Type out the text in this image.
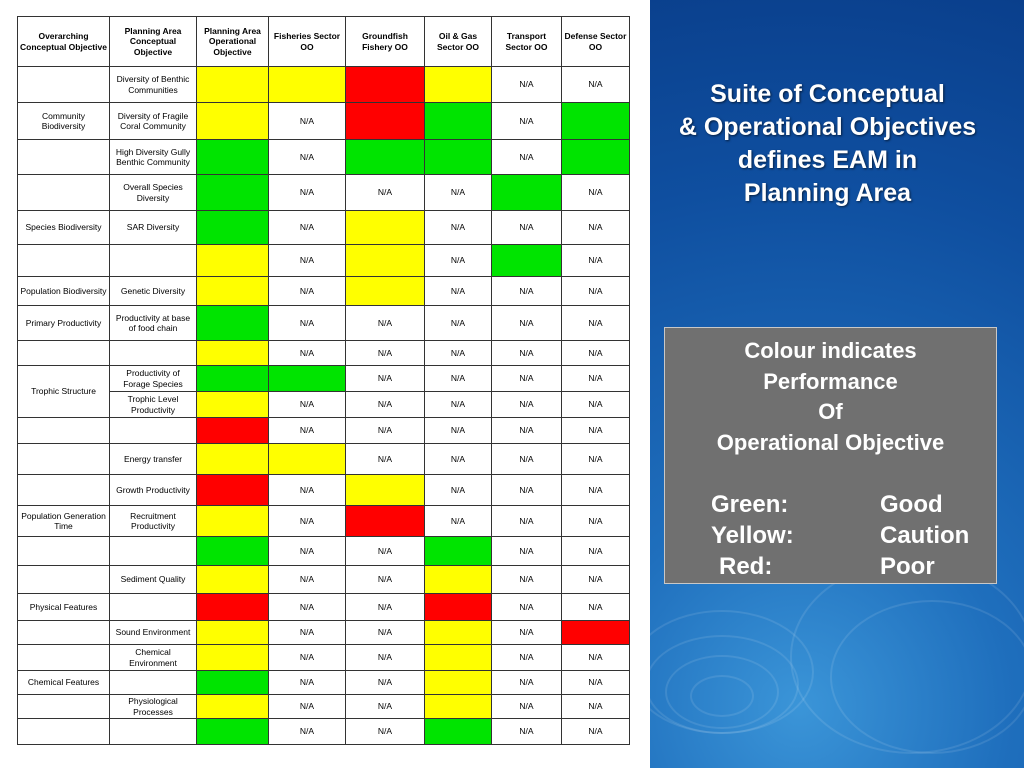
Overarching Conceptual Objective	Planning Area Conceptual Objective	Planning Area Operational Objective	Fisheries Sector OO	Groundfish Fishery OO	Oil & Gas Sector OO	Transport Sector OO	Defense Sector OO
	Diversity of Benthic Communities					N/A	N/A
Community Biodiversity	Diversity of Fragile Coral Community		N/A			N/A	
	High Diversity Gully Benthic Community		N/A			N/A	
	Overall Species Diversity		N/A	N/A	N/A		N/A
Species Biodiversity	SAR Diversity		N/A		N/A	N/A	N/A
			N/A		N/A		N/A
Population Biodiversity	Genetic Diversity		N/A		N/A	N/A	N/A
Primary Productivity	Productivity at base of food chain		N/A	N/A	N/A	N/A	N/A
			N/A	N/A	N/A	N/A	N/A
Trophic Structure	Productivity of Forage Species			N/A	N/A	N/A	N/A
	Trophic Level Productivity		N/A	N/A	N/A	N/A	N/A
			N/A	N/A	N/A	N/A	N/A
	Energy transfer			N/A	N/A	N/A	N/A
	Growth Productivity		N/A		N/A	N/A	N/A
Population Generation Time	Recruitment Productivity		N/A		N/A	N/A	N/A
			N/A	N/A		N/A	N/A
	Sediment Quality		N/A	N/A		N/A	N/A
Physical Features			N/A	N/A		N/A	N/A
	Sound Environment		N/A	N/A		N/A	
	Chemical Environment		N/A	N/A		N/A	N/A
Chemical Features			N/A	N/A		N/A	N/A
	Physiological Processes		N/A	N/A		N/A	N/A
			N/A	N/A		N/A	N/A
Suite of Conceptual
& Operational Objectives
defines EAM in
Planning Area
Colour indicates
Performance
Of
Operational Objective
Green:	Good
Yellow:	Caution
Red:	Poor
